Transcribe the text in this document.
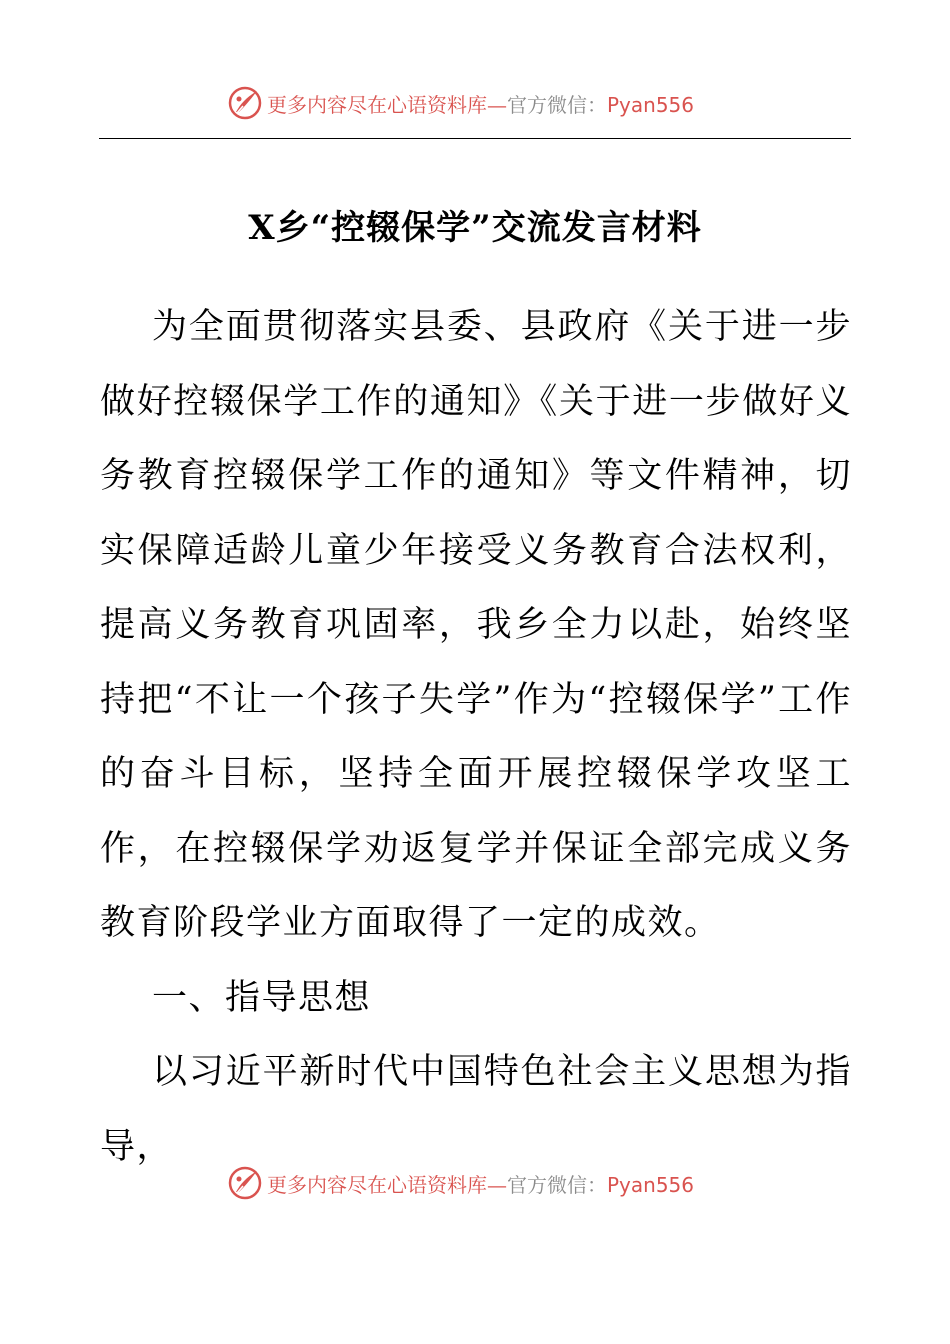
更多内容尽在心语资料库—官方微信：Pyan556
X乡“控辍保学”交流发言材料

为全面贯彻落实县委、县政府《关于进一步做好控辍保学工作的通知》《关于进一步做好义务教育控辍保学工作的通知》等文件精神，切实保障适龄儿童少年接受义务教育合法权利，提高义务教育巩固率，我乡全力以赴，始终坚持把“不让一个孩子失学”作为“控辍保学”工作的奋斗目标，坚持全面开展控辍保学攻坚工作，在控辍保学劝返复学并保证全部完成义务教育阶段学业方面取得了一定的成效。

一、指导思想

以习近平新时代中国特色社会主义思想为指导，

更多内容尽在心语资料库—官方微信：Pyan556
